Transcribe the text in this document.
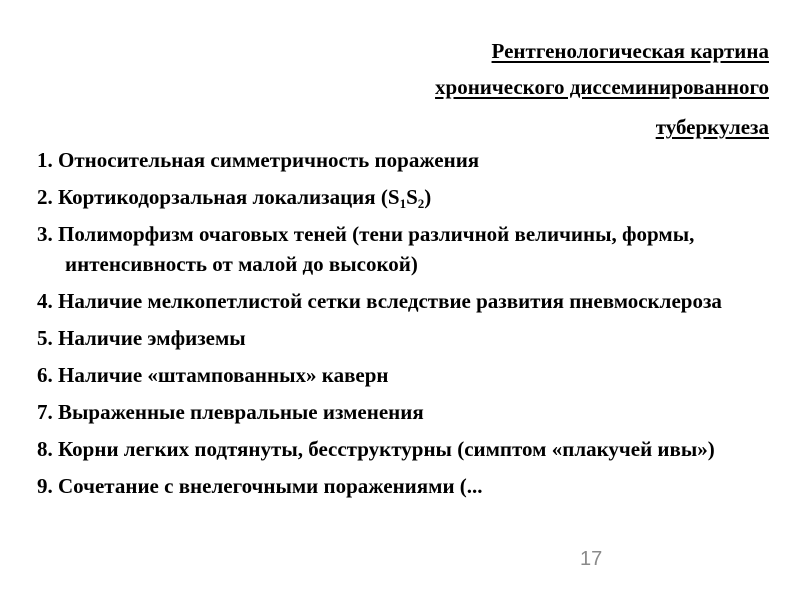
Рентгенологическая картина
хронического диссеминированного
туберкулеза
1. Относительная симметричность поражения
2. Кортикодорзальная локализация $(S_1S_2)$
3. Полиморфизм очаговых теней (тени различной величины, формы, интенсивность от малой до высокой)
4. Наличие мелкопетлистой сетки вследствие развития пневмосклероза
5. Наличие эмфиземы
6. Наличие «штампованных» каверн
7. Выраженные плевральные изменения
8. Корни легких подтянуты, бесструктурны (симптом «плакучей ивы»)
9. Сочетание с внелегочными поражениями (...
17
